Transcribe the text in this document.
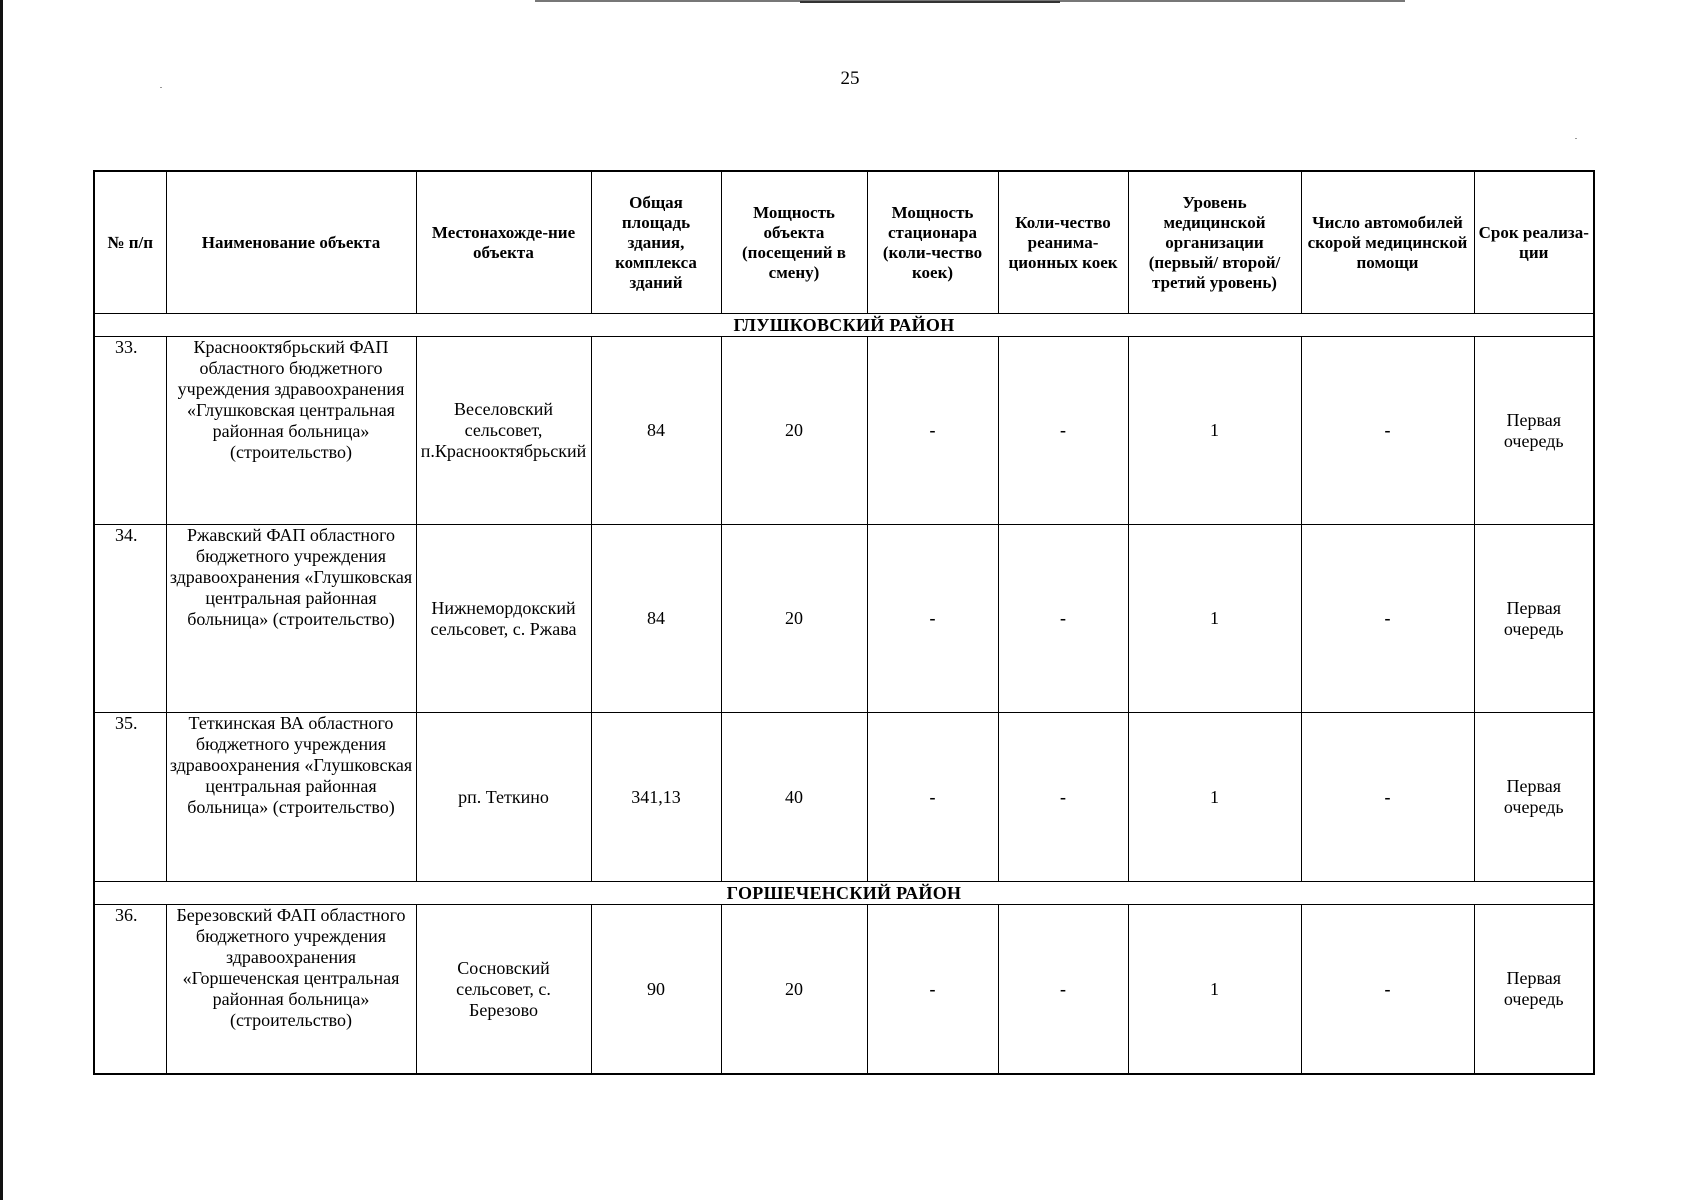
25
№ п/п	Наименование объекта	Местонахожде-ние объекта	Общая площадь здания, комплекса зданий	Мощность объекта (посещений в смену)	Мощность стационара (коли-чество коек)	Коли-чество реанима-ционных коек	Уровень медицинской организации (первый/ второй/ третий уровень)	Число автомобилей скорой медицинской помощи	Срок реализа-ции
ГЛУШКОВСКИЙ РАЙОН									
33.	Краснооктябрьский ФАП областного бюджетного учреждения здравоохранения «Глушковская центральная районная больница» (строительство)	Веселовский сельсовет, п.Краснооктябрьский	84	20	-	-	1	-	Первая очередь
34.	Ржавский ФАП областного бюджетного учреждения здравоохранения «Глушковская центральная районная больница» (строительство)	Нижнемордокский сельсовет, с. Ржава	84	20	-	-	1	-	Первая очередь
35.	Теткинская ВА областного бюджетного учреждения здравоохранения «Глушковская центральная районная больница» (строительство)	рп. Теткино	341,13	40	-	-	1	-	Первая очередь
ГОРШЕЧЕНСКИЙ РАЙОН									
36.	Березовский ФАП областного бюджетного учреждения здравоохранения «Горшеченская центральная районная больница» (строительство)	Сосновский сельсовет, с. Березово	90	20	-	-	1	-	Первая очередь
